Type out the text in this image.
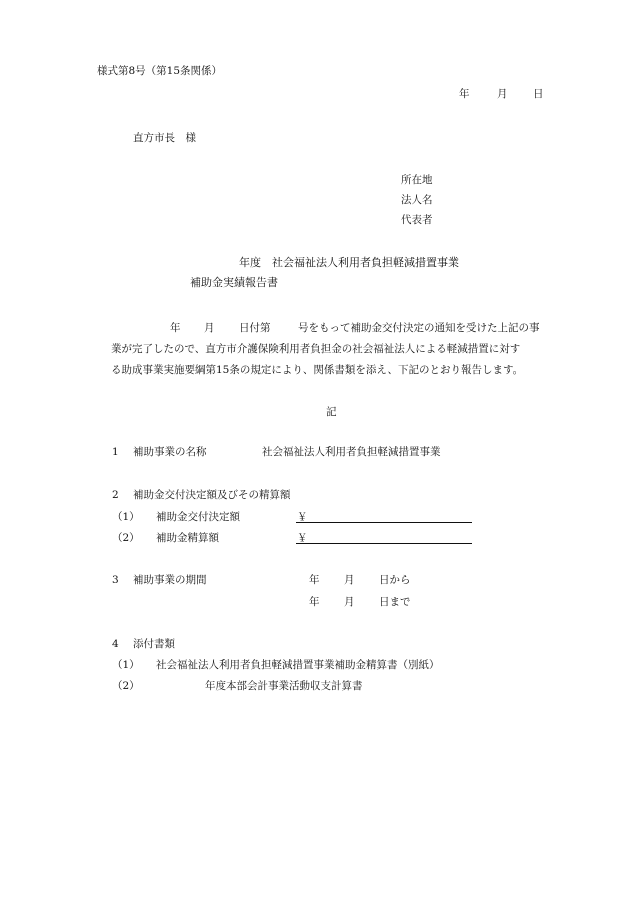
様式第8号（第15条関係）
年	月 日
直方市長　様
所在地
法人名
代表者
年度　社会福祉法人利用者負担軽減措置事業
補助金実績報告書
年 月 日付第	号をもって補助金交付決定の通知を受けた上記の事
業が完了したので、直方市介護保険利用者負担金の社会福祉法人による軽減措置に対す
る助成事業実施要綱第15条の規定により、関係書類を添え、下記のとおり報告します。
記
1 補助事業の名称	社会福祉法人利用者負担軽減措置事業
2 補助金交付決定額及びその精算額
（1） 補助金交付決定額	￥
（2） 補助金精算額	￥
3 補助事業の期間	年 月 日から
年 月 日まで
4 添付書類
（1） 社会福祉法人利用者負担軽減措置事業補助金精算書（別紙）
（2）	年度本部会計事業活動収支計算書
